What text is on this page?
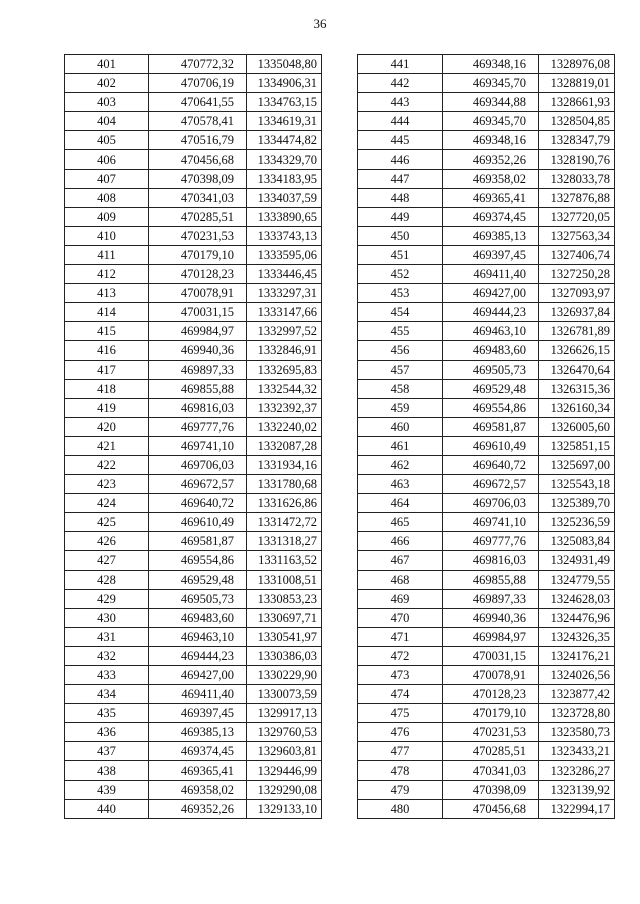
36
401	470772,32	1335048,80
402	470706,19	1334906,31
403	470641,55	1334763,15
404	470578,41	1334619,31
405	470516,79	1334474,82
406	470456,68	1334329,70
407	470398,09	1334183,95
408	470341,03	1334037,59
409	470285,51	1333890,65
410	470231,53	1333743,13
411	470179,10	1333595,06
412	470128,23	1333446,45
413	470078,91	1333297,31
414	470031,15	1333147,66
415	469984,97	1332997,52
416	469940,36	1332846,91
417	469897,33	1332695,83
418	469855,88	1332544,32
419	469816,03	1332392,37
420	469777,76	1332240,02
421	469741,10	1332087,28
422	469706,03	1331934,16
423	469672,57	1331780,68
424	469640,72	1331626,86
425	469610,49	1331472,72
426	469581,87	1331318,27
427	469554,86	1331163,52
428	469529,48	1331008,51
429	469505,73	1330853,23
430	469483,60	1330697,71
431	469463,10	1330541,97
432	469444,23	1330386,03
433	469427,00	1330229,90
434	469411,40	1330073,59
435	469397,45	1329917,13
436	469385,13	1329760,53
437	469374,45	1329603,81
438	469365,41	1329446,99
439	469358,02	1329290,08
440	469352,26	1329133,10
441	469348,16	1328976,08
442	469345,70	1328819,01
443	469344,88	1328661,93
444	469345,70	1328504,85
445	469348,16	1328347,79
446	469352,26	1328190,76
447	469358,02	1328033,78
448	469365,41	1327876,88
449	469374,45	1327720,05
450	469385,13	1327563,34
451	469397,45	1327406,74
452	469411,40	1327250,28
453	469427,00	1327093,97
454	469444,23	1326937,84
455	469463,10	1326781,89
456	469483,60	1326626,15
457	469505,73	1326470,64
458	469529,48	1326315,36
459	469554,86	1326160,34
460	469581,87	1326005,60
461	469610,49	1325851,15
462	469640,72	1325697,00
463	469672,57	1325543,18
464	469706,03	1325389,70
465	469741,10	1325236,59
466	469777,76	1325083,84
467	469816,03	1324931,49
468	469855,88	1324779,55
469	469897,33	1324628,03
470	469940,36	1324476,96
471	469984,97	1324326,35
472	470031,15	1324176,21
473	470078,91	1324026,56
474	470128,23	1323877,42
475	470179,10	1323728,80
476	470231,53	1323580,73
477	470285,51	1323433,21
478	470341,03	1323286,27
479	470398,09	1323139,92
480	470456,68	1322994,17
